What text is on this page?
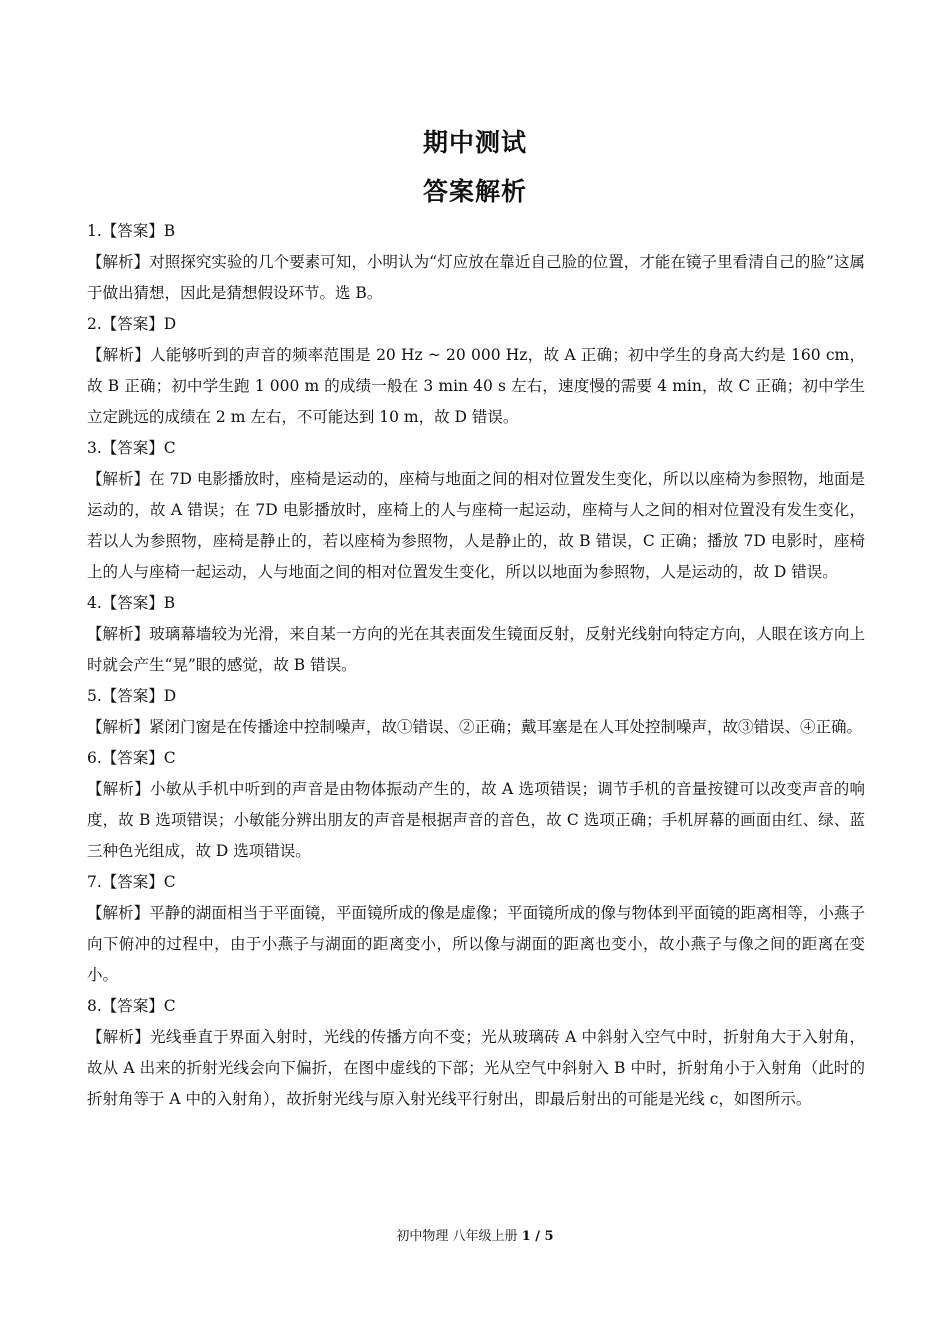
期中测试
答案解析

1.【答案】B

【解析】对照探究实验的几个要素可知，小明认为“灯应放在靠近自己脸的位置，才能在镜子里看清自己的脸”这属于做出猜想，因此是猜想假设环节。选 B。

2.【答案】D

【解析】人能够听到的声音的频率范围是 20 Hz ~ 20 000 Hz，故 A 正确；初中学生的身高大约是 160 cm，故 B 正确；初中学生跑 1 000 m 的成绩一般在 3 min 40 s 左右，速度慢的需要 4 min，故 C 正确；初中学生立定跳远的成绩在 2 m 左右，不可能达到 10 m，故 D 错误。

3.【答案】C

【解析】在 7D 电影播放时，座椅是运动的，座椅与地面之间的相对位置发生变化，所以以座椅为参照物，地面是运动的，故 A 错误；在 7D 电影播放时，座椅上的人与座椅一起运动，座椅与人之间的相对位置没有发生变化，若以人为参照物，座椅是静止的，若以座椅为参照物，人是静止的，故 B 错误，C 正确；播放 7D 电影时，座椅上的人与座椅一起运动，人与地面之间的相对位置发生变化，所以以地面为参照物，人是运动的，故 D 错误。

4.【答案】B

【解析】玻璃幕墙较为光滑，来自某一方向的光在其表面发生镜面反射，反射光线射向特定方向，人眼在该方向上时就会产生“晃”眼的感觉，故 B 错误。

5.【答案】D

【解析】紧闭门窗是在传播途中控制噪声，故①错误、②正确；戴耳塞是在人耳处控制噪声，故③错误、④正确。

6.【答案】C

【解析】小敏从手机中听到的声音是由物体振动产生的，故 A 选项错误；调节手机的音量按键可以改变声音的响度，故 B 选项错误；小敏能分辨出朋友的声音是根据声音的音色，故 C 选项正确；手机屏幕的画面由红、绿、蓝三种色光组成，故 D 选项错误。

7.【答案】C

【解析】平静的湖面相当于平面镜，平面镜所成的像是虚像；平面镜所成的像与物体到平面镜的距离相等，小燕子向下俯冲的过程中，由于小燕子与湖面的距离变小，所以像与湖面的距离也变小，故小燕子与像之间的距离在变小。

8.【答案】C

【解析】光线垂直于界面入射时，光线的传播方向不变；光从玻璃砖 A 中斜射入空气中时，折射角大于入射角，故从 A 出来的折射光线会向下偏折，在图中虚线的下部；光从空气中斜射入 B 中时，折射角小于入射角（此时的折射角等于 A 中的入射角），故折射光线与原入射光线平行射出，即最后射出的可能是光线 c，如图所示。

初中物理 八年级上册 1 / 5
